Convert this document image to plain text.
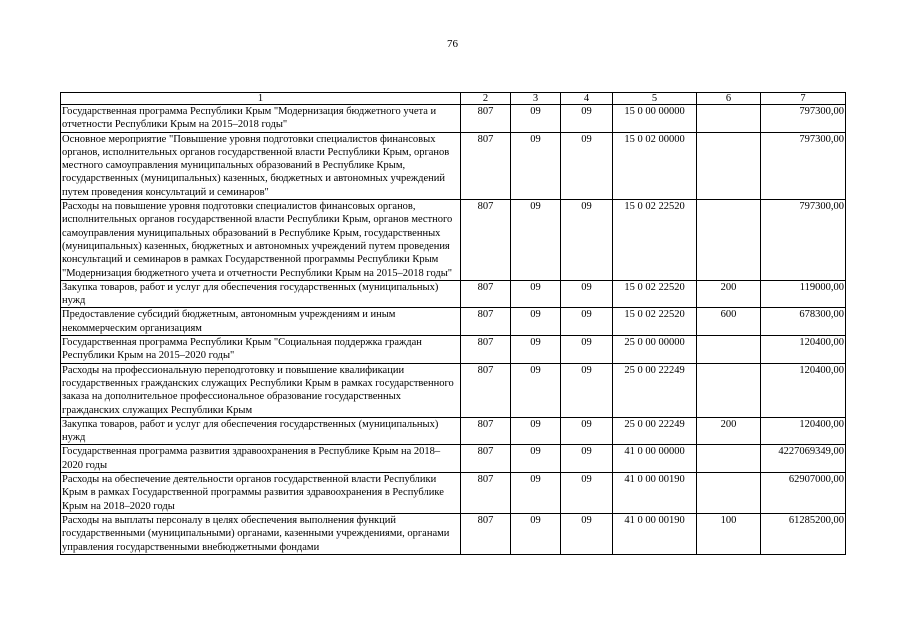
76
1	2	3	4	5	6	7
Государственная программа Республики Крым "Модернизация бюджетного учета и отчетности Республики Крым на 2015–2018 годы"	807	09	09	15 0 00 00000		797300,00
Основное мероприятие "Повышение уровня подготовки специалистов финансовых органов, исполнительных органов государственной власти Республики Крым, органов местного самоуправления муниципальных образований в Республике Крым, государственных (муниципальных) казенных, бюджетных и автономных учреждений путем проведения консультаций и семинаров"	807	09	09	15 0 02 00000		797300,00
Расходы на повышение уровня подготовки специалистов финансовых органов, исполнительных органов государственной власти Республики Крым, органов местного самоуправления муниципальных образований в Республике Крым, государственных (муниципальных) казенных, бюджетных и автономных учреждений путем проведения консультаций и семинаров в рамках Государственной программы Республики Крым "Модернизация бюджетного учета и отчетности Республики Крым на 2015–2018 годы"	807	09	09	15 0 02 22520		797300,00
Закупка товаров, работ и услуг для обеспечения государственных (муниципальных) нужд	807	09	09	15 0 02 22520	200	119000,00
Предоставление субсидий бюджетным, автономным учреждениям и иным некоммерческим организациям	807	09	09	15 0 02 22520	600	678300,00
Государственная программа Республики Крым "Социальная поддержка граждан Республики Крым на 2015–2020 годы"	807	09	09	25 0 00 00000		120400,00
Расходы на профессиональную переподготовку и повышение квалификации государственных гражданских служащих Республики Крым в рамках государственного заказа на дополнительное профессиональное образование государственных гражданских служащих Республики Крым	807	09	09	25 0 00 22249		120400,00
Закупка товаров, работ и услуг для обеспечения государственных (муниципальных) нужд	807	09	09	25 0 00 22249	200	120400,00
Государственная программа развития здравоохранения в Республике Крым на 2018–2020 годы	807	09	09	41 0 00 00000		4227069349,00
Расходы на обеспечение деятельности органов государственной власти Республики Крым в рамках Государственной программы развития здравоохранения в Республике Крым на 2018–2020 годы	807	09	09	41 0 00 00190		62907000,00
Расходы на выплаты персоналу в целях обеспечения выполнения функций государственными (муниципальными) органами, казенными учреждениями, органами управления государственными внебюджетными фондами	807	09	09	41 0 00 00190	100	61285200,00
